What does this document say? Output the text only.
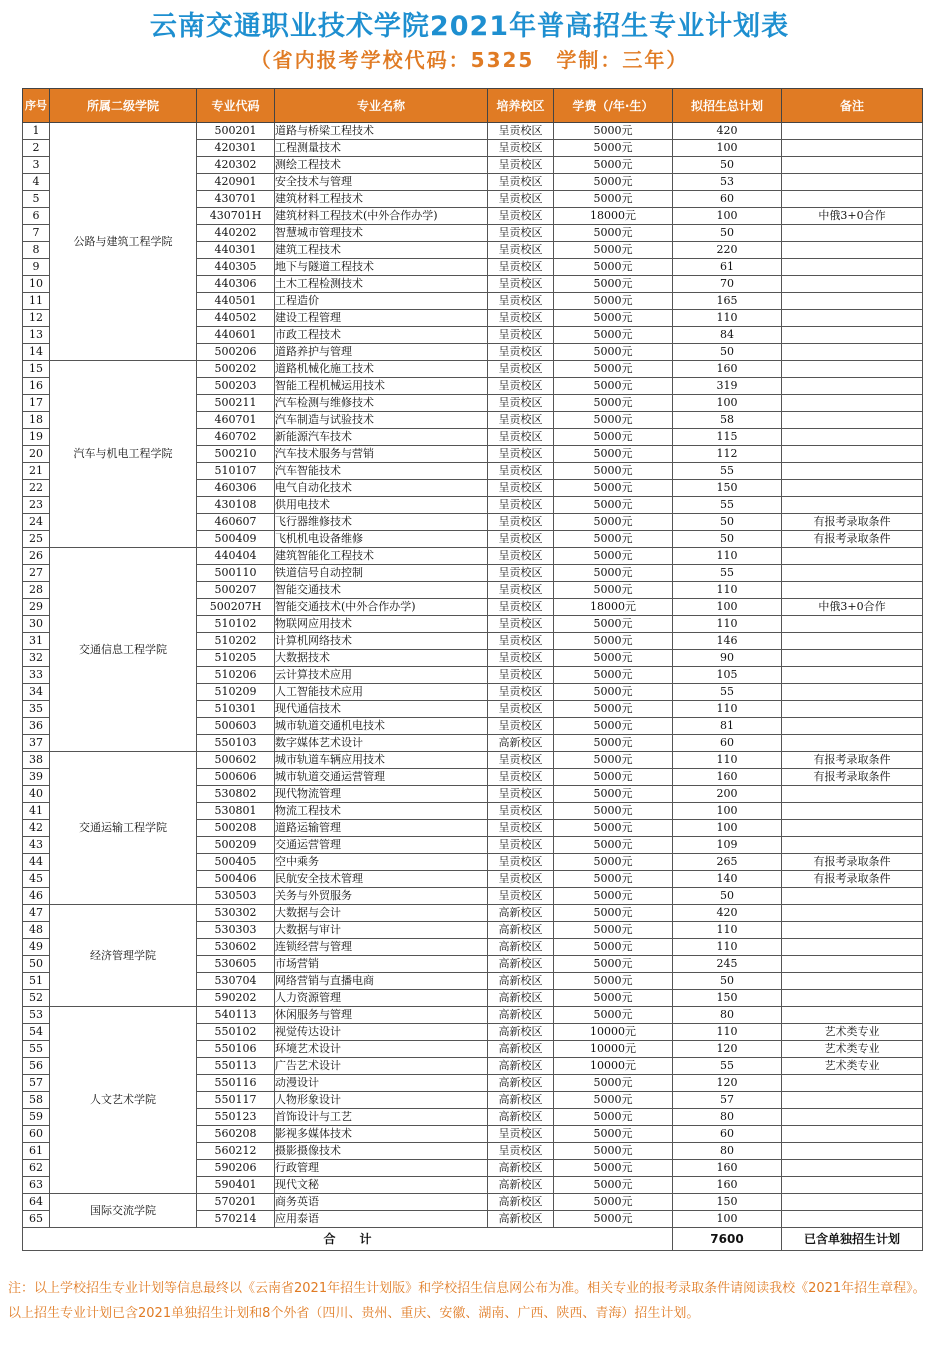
云南交通职业技术学院2021年普高招生专业计划表
（省内报考学校代码：5325　学制：三年）
序号	所属二级学院	专业代码	专业名称	培养校区	学费（/年·生）	拟招生总计划	备注
1	公路与建筑工程学院	500201	道路与桥梁工程技术	呈贡校区	5000元	420	
2		420301	工程测量技术	呈贡校区	5000元	100	
3		420302	测绘工程技术	呈贡校区	5000元	50	
4		420901	安全技术与管理	呈贡校区	5000元	53	
5		430701	建筑材料工程技术	呈贡校区	5000元	60	
6		430701H	建筑材料工程技术(中外合作办学)	呈贡校区	18000元	100	中俄3+0合作
7		440202	智慧城市管理技术	呈贡校区	5000元	50	
8		440301	建筑工程技术	呈贡校区	5000元	220	
9		440305	地下与隧道工程技术	呈贡校区	5000元	61	
10		440306	土木工程检测技术	呈贡校区	5000元	70	
11		440501	工程造价	呈贡校区	5000元	165	
12		440502	建设工程管理	呈贡校区	5000元	110	
13		440601	市政工程技术	呈贡校区	5000元	84	
14		500206	道路养护与管理	呈贡校区	5000元	50	
15	汽车与机电工程学院	500202	道路机械化施工技术	呈贡校区	5000元	160	
16		500203	智能工程机械运用技术	呈贡校区	5000元	319	
17		500211	汽车检测与维修技术	呈贡校区	5000元	100	
18		460701	汽车制造与试验技术	呈贡校区	5000元	58	
19		460702	新能源汽车技术	呈贡校区	5000元	115	
20		500210	汽车技术服务与营销	呈贡校区	5000元	112	
21		510107	汽车智能技术	呈贡校区	5000元	55	
22		460306	电气自动化技术	呈贡校区	5000元	150	
23		430108	供用电技术	呈贡校区	5000元	55	
24		460607	飞行器维修技术	呈贡校区	5000元	50	有报考录取条件
25		500409	飞机机电设备维修	呈贡校区	5000元	50	有报考录取条件
26	交通信息工程学院	440404	建筑智能化工程技术	呈贡校区	5000元	110	
27		500110	铁道信号自动控制	呈贡校区	5000元	55	
28		500207	智能交通技术	呈贡校区	5000元	110	
29		500207H	智能交通技术(中外合作办学)	呈贡校区	18000元	100	中俄3+0合作
30		510102	物联网应用技术	呈贡校区	5000元	110	
31		510202	计算机网络技术	呈贡校区	5000元	146	
32		510205	大数据技术	呈贡校区	5000元	90	
33		510206	云计算技术应用	呈贡校区	5000元	105	
34		510209	人工智能技术应用	呈贡校区	5000元	55	
35		510301	现代通信技术	呈贡校区	5000元	110	
36		500603	城市轨道交通机电技术	呈贡校区	5000元	81	
37		550103	数字媒体艺术设计	高新校区	5000元	60	
38	交通运输工程学院	500602	城市轨道车辆应用技术	呈贡校区	5000元	110	有报考录取条件
39		500606	城市轨道交通运营管理	呈贡校区	5000元	160	有报考录取条件
40		530802	现代物流管理	呈贡校区	5000元	200	
41		530801	物流工程技术	呈贡校区	5000元	100	
42		500208	道路运输管理	呈贡校区	5000元	100	
43		500209	交通运营管理	呈贡校区	5000元	109	
44		500405	空中乘务	呈贡校区	5000元	265	有报考录取条件
45		500406	民航安全技术管理	呈贡校区	5000元	140	有报考录取条件
46		530503	关务与外贸服务	呈贡校区	5000元	50	
47	经济管理学院	530302	大数据与会计	高新校区	5000元	420	
48		530303	大数据与审计	高新校区	5000元	110	
49		530602	连锁经营与管理	高新校区	5000元	110	
50		530605	市场营销	高新校区	5000元	245	
51		530704	网络营销与直播电商	高新校区	5000元	50	
52		590202	人力资源管理	高新校区	5000元	150	
53	人文艺术学院	540113	休闲服务与管理	高新校区	5000元	80	
54		550102	视觉传达设计	高新校区	10000元	110	艺术类专业
55		550106	环境艺术设计	高新校区	10000元	120	艺术类专业
56		550113	广告艺术设计	高新校区	10000元	55	艺术类专业
57		550116	动漫设计	高新校区	5000元	120	
58		550117	人物形象设计	高新校区	5000元	57	
59		550123	首饰设计与工艺	高新校区	5000元	80	
60		560208	影视多媒体技术	呈贡校区	5000元	60	
61		560212	摄影摄像技术	呈贡校区	5000元	80	
62		590206	行政管理	高新校区	5000元	160	
63		590401	现代文秘	高新校区	5000元	160	
64	国际交流学院	570201	商务英语	高新校区	5000元	150	
65		570214	应用泰语	高新校区	5000元	100	
合　　计						7600	已含单独招生计划
注：以上学校招生专业计划等信息最终以《云南省2021年招生计划版》和学校招生信息网公布为准。相关专业的报考录取条件请阅读我校《2021年招生章程》。以上招生专业计划已含2021单独招生计划和8个外省（四川、贵州、重庆、安徽、湖南、广西、陕西、青海）招生计划。
